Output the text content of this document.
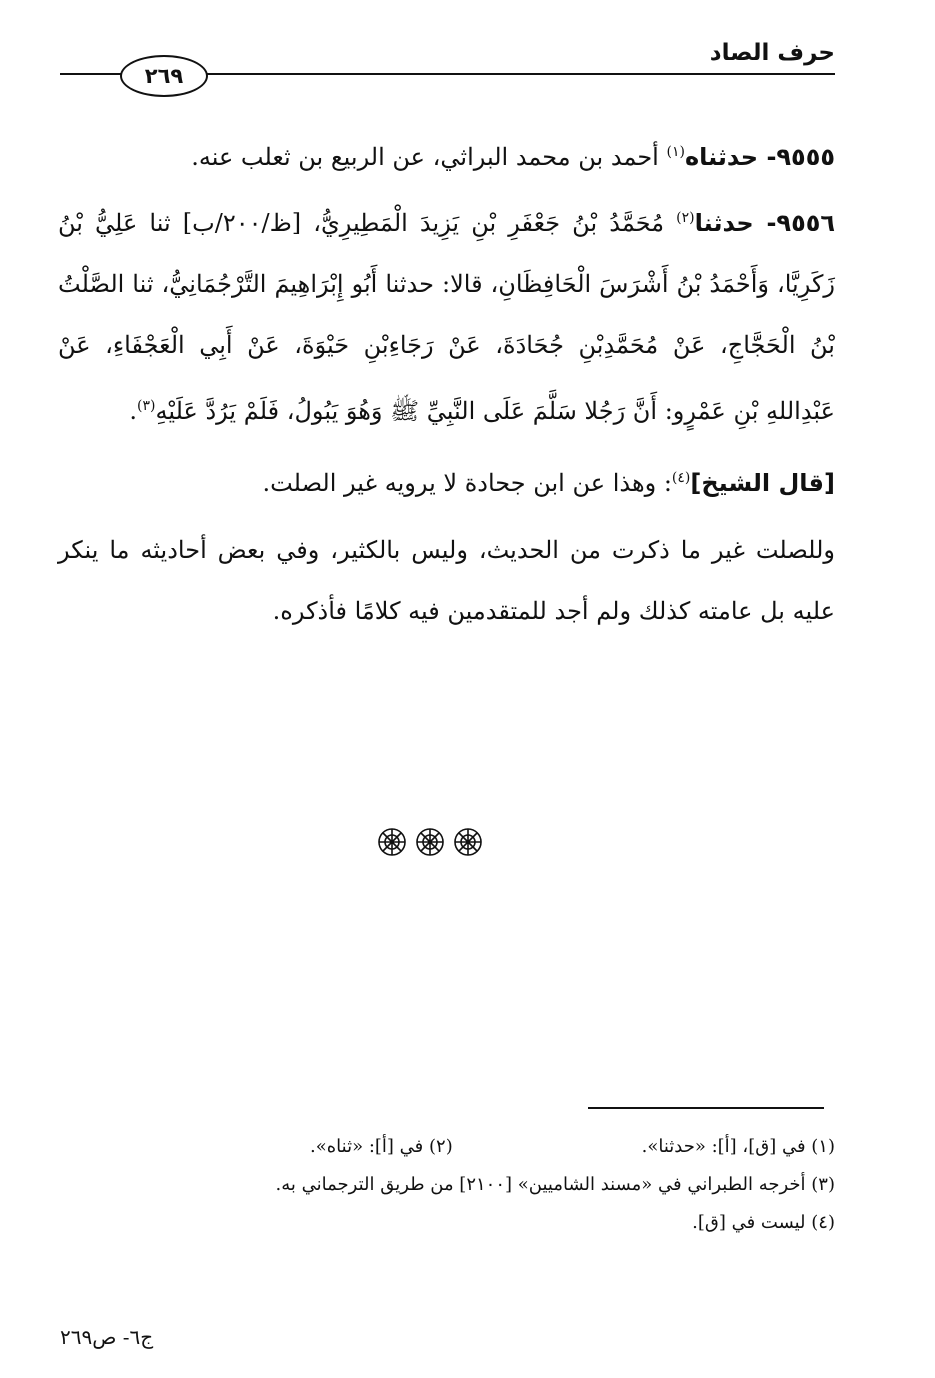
حرف الصاد
٢٦٩

٩٥٥٥- حدثناه$^{(١)}$ أحمد بن محمد البراثي، عن الربيع بن ثعلب عنه.

٩٥٥٦- حدثنا$^{(٢)}$ مُحَمَّدُ بْنُ جَعْفَرِ بْنِ يَزِيدَ الْمَطِيرِيُّ، [ظ/٢٠٠/ب] ثنا عَلِيُّ بْنُ زَكَرِيَّا، وَأَحْمَدُ بْنُ أَشْرَسَ الْحَافِظَانِ، قالا: حدثنا أَبُو إِبْرَاهِيمَ التَّرْجُمَانِيُّ، ثنا الصَّلْتُ بْنُ الْحَجَّاجِ، عَنْ مُحَمَّدِبْنِ جُحَادَةَ، عَنْ رَجَاءِبْنِ حَيْوَةَ، عَنْ أَبِي الْعَجْفَاءِ، عَنْ عَبْدِاللهِ بْنِ عَمْرٍو: أَنَّ رَجُلا سَلَّمَ عَلَى النَّبِيِّ ﷺ وَهُوَ يَبُولُ، فَلَمْ يَرُدَّ عَلَيْهِ$^{(٣)}$.

[قال الشيخ]$^{(٤)}$: وهذا عن ابن جحادة لا يرويه غير الصلت.

وللصلت غير ما ذكرت من الحديث، وليس بالكثير، وفي بعض أحاديثه ما ينكر عليه بل عامته كذلك ولم أجد للمتقدمين فيه كلامًا فأذكره.

(١) في [ق]، [أ]: «حدثنا».
(٢) في [أ]: «ثناه».
(٣) أخرجه الطبراني في «مسند الشاميين» [٢١٠٠] من طريق الترجماني به.
(٤) ليست في [ق].
ج٦- ص٢٦٩
